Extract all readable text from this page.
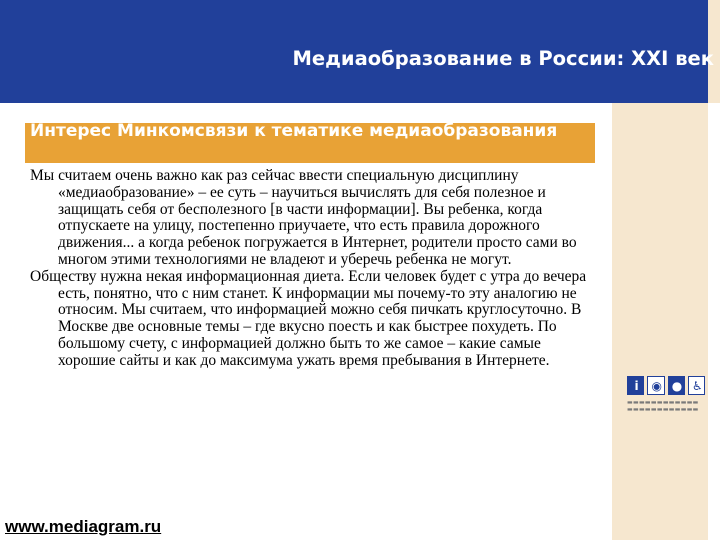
Медиаобразование в России: XXI век
Интерес Минкомсвязи к тематике медиаобразования

Мы считаем очень важно как раз сейчас ввести специальную дисциплину «медиаобразование» – ее суть – научиться вычислять для себя полезное и защищать себя от бесполезного [в части информации]. Вы ребенка, когда отпускаете на улицу, постепенно приучаете, что есть правила дорожного движения... а когда ребенок погружается в Интернет, родители просто сами во многом этими технологиями не владеют и уберечь ребенка не могут.

Обществу нужна некая информационная диета. Если человек будет с утра до вечера есть, понятно, что с ним станет. К информации мы почему-то эту аналогию не относим. Мы считаем, что информацией можно себя пичкать круглосуточно. В Москве две основные темы – где вкусно поесть и как быстрее похудеть. По большому счету, с информацией должно быть то же самое – какие самые хорошие сайты и как до максимума ужать время пребывания в Интернете.

i	◉ ● ♿
▬▬▬▬▬▬▬▬▬▬▬▬
▬▬▬▬▬▬▬▬▬▬▬▬
www.mediagram.ru
